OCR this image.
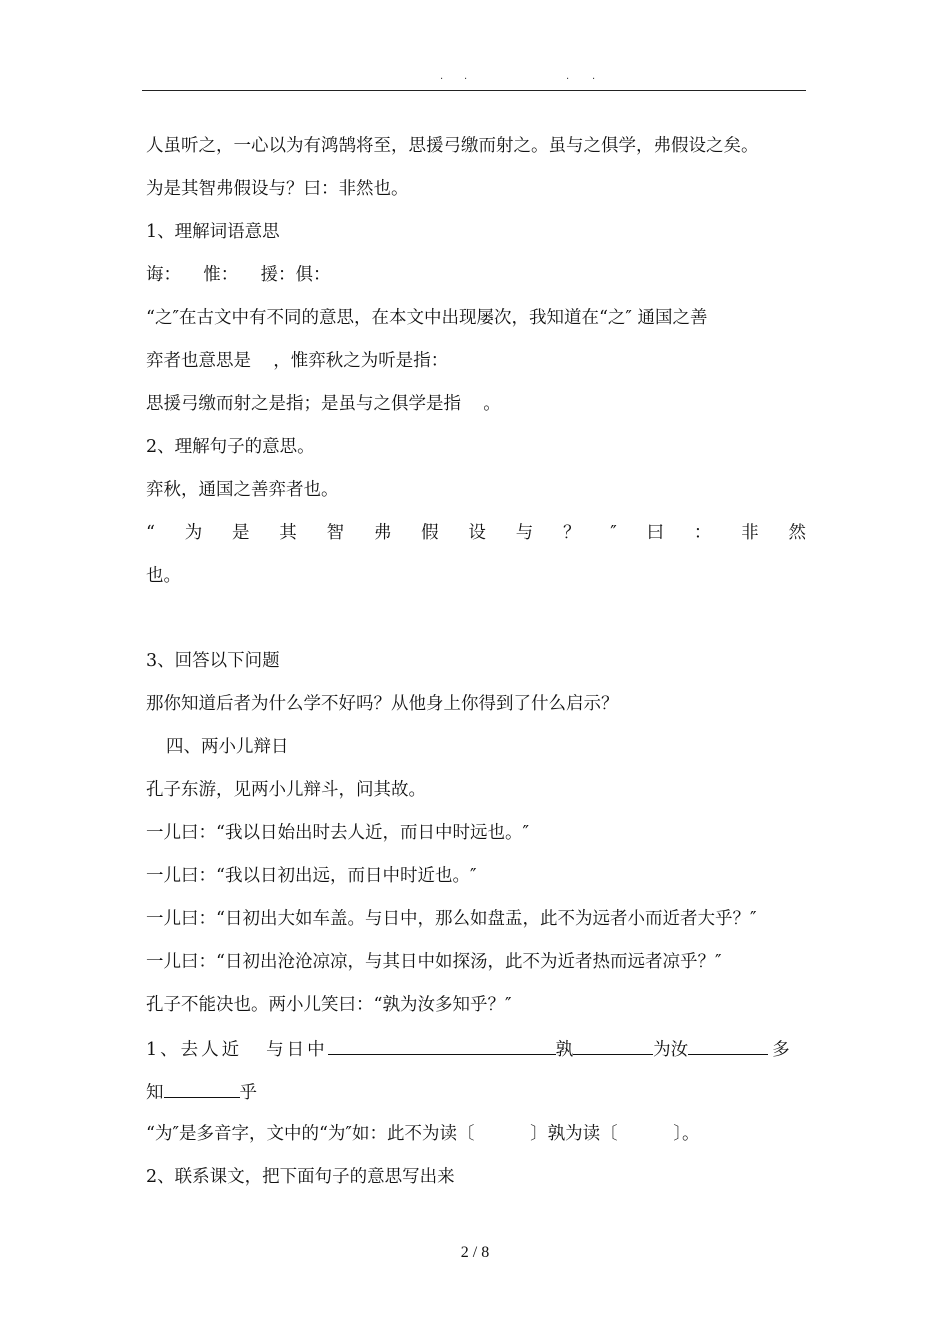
· ·	· ·
人虽听之，一心以为有鸿鹄将至，思援弓缴而射之。虽与之俱学，弗假设之矣。
为是其智弗假设与？曰：非然也。
1、理解词语意思
诲：    惟：    援：俱：
“之″在古文中有不同的意思，在本文中出现屡次，我知道在“之″ 通国之善
弈者也意思是    ，惟弈秋之为听是指：
思援弓缴而射之是指；是虽与之俱学是指    。
2、理解句子的意思。
弈秋，通国之善弈者也。
“ 为 是 其 智 弗 假 设 与 ？ ″ 曰 ： 非 然
也。
3、回答以下问题
那你知道后者为什么学不好吗？从他身上你得到了什么启示？
四、两小儿辩日
孔子东游，见两小儿辩斗，问其故。
一儿曰：“我以日始出时去人近，而日中时远也。″
一儿曰：“我以日初出远，而日中时近也。″
一儿曰：“日初出大如车盖。与日中，那么如盘盂，此不为远者小而近者大乎？″
一儿曰：“日初出沧沧凉凉，与其日中如探汤，此不为近者热而远者凉乎？″
孔子不能决也。两小儿笑曰：“孰为汝多知乎？″
1、去人近 与日中	孰	为汝	多
知	乎
“为″是多音字，文中的“为″如：此不为读〔          〕孰为读〔          〕。
2、联系课文，把下面句子的意思写出来
2 / 8
